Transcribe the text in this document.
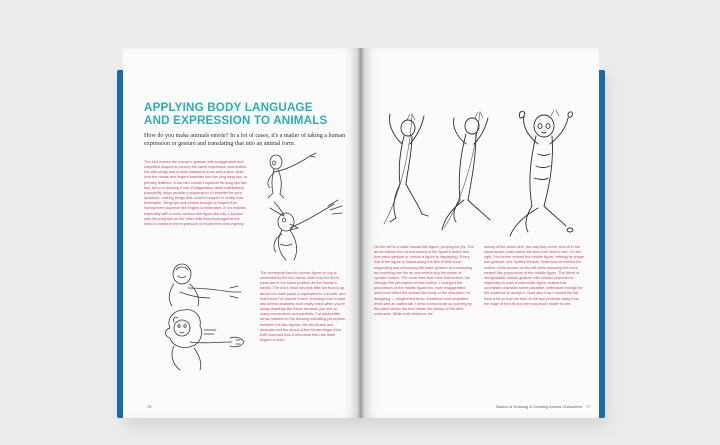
APPLYING BODY LANGUAGE
AND EXPRESSION TO ANIMALS

How do you make animals emote? In a lot of cases, it's a matter of taking a human expression or gesture and translating that into an animal form.

The bird mimics the human's gesture with exaggerated and simplified shapes to convey the same expression and motion but with wings and a beak instead of arms and a face. Note how the hands and fingers translate into the long wing tips, or primary feathers. A low bird couldn't squeeze its wing tips like this, but in a drawing it can. Exaggeration while maintaining plausibility helps provide a suspension of disbelief for your audience, making things that couldn't happen in reality look believable. Wing tips look similar enough to fingers that having them squeeze like fingers is believable. If not realistic, especially with a more cartoon-like figure like this. Likewise with the wing tips on the other side that shoot against the head to enhance the expression of excitement and urgency.

The somewhat fanciful human figure on top is mimicked by the lion below. Note how the lion's paws are in the same position as the human's hands. The lion's head has (the little toe found) up above the main paws is equivalent to a thumb, and that's how I've placed it here. Knowing how human and animal anatomy work really helps when you're doing drawings like these because you see so many connections and parallels. I've added little arrow markers to the drawing indicating perception between the two figures, like the thumb and dewclaw and the snout of the human finger from both toes and how it rebounds from the other fingers or toes.

78

On the left is a basic human-like figure, jumping for joy. The arrow follows the curved sweep of the figure's action line (the basic gesture or motion a figure is displaying). Every line in the figure is drawn along the line of that curve, supporting and enhancing the basic gesture of a sweeping arc traveling into the air and reinforcing the sense of upward motion. The more lines that echo that motion, the stronger the perception of that motion. I changed the proportions of the middle figure into more exaggerated ones that reflect the weasel-like body of the character I'm designing — lengthened torso, shortened and simplified limbs and an added tail. I drew a second arrow pointing by the place where the foot meets the sweep of the tail's underside. While both reinforce the

sweep of the action line, the way they move and sit in the same space pulls makes the foot a bit hard to see. On the right, I've further refined the middle figure, refining its shape and gesture, into Sparks Weasel. Note how he mimics the motion of the human on the left while featuring the more weasel-like proportions of the middle figure. The blend of recognizable human gesture with weasel proportions, especially in such a cartoonish figure, makes this unrealistic character seem plausible, believable enough for the audience to accept it. Note also how I moved the tail back a bit so that the toes of the foot protrude away from the edge of the tail and are now much easier to see.

Basics of Drawing & Creating Animal Characters 77
